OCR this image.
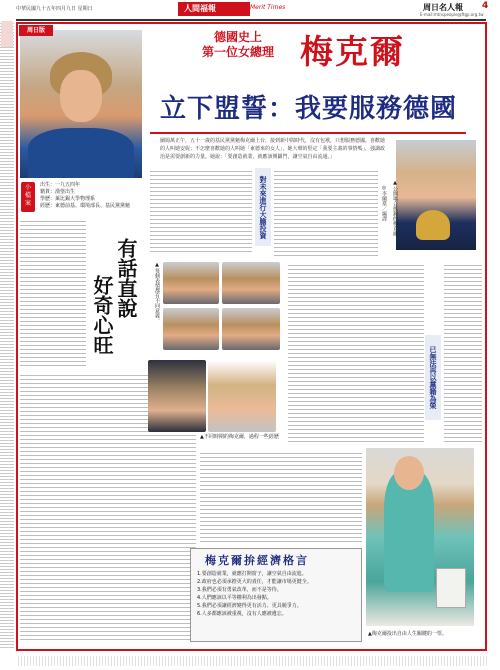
中華民國九十五年四月九日 星期日	人間福報	Merit Times	周日名人報 4
E-mail:mtnspeople@ftgp.org.tw
周日版	德國史上
第一位女總理 梅克爾
立下盟誓：我要服務德國
圖姆萬正午，五十一歲的基民黨黨魁梅克爾上台，接到新中間時代，沒有包袱，只想服務德國。喜歡她
的人叫她安妮；不怎麼喜歡她的人叫她「東德來的女人」，她大聲的堅定「我要主義的事情嗎」，強調政
治是需要創新的力量。她說：「要創造就業，就應該開闢門，讓空氣自由流通。」
小檔案
出生：一九五四年
籍貫：漢堡出生
學歷：萊比錫大學物理系
經歷：東德前基、環境部長、基民黨黨魁
有話直說
好奇心旺
對未來進行大膽投資
已無法再以黨籍為榮
◎李蘭羣／編譯	▲公開場合搖鐘的梅克爾
▲每個表情都有不同意義。
▲不同時期的梅克爾，過程一些經歷
梅克爾拚經濟格言
1.要創造就業，就應打開窗子，讓空氣自由流進。
2.政府也必須承擔更大的責任，才能讓市場更健全。
3.我們必須有勇氣改革，而不是等待。
4.人們應該以平等權利為出發點。
5.我們必須讓經濟變得更有活力、更具競爭力。
6.人多都應該被重視，沒有人應被遺忘。
▲梅克爾投出自由人生關鍵的一票。
